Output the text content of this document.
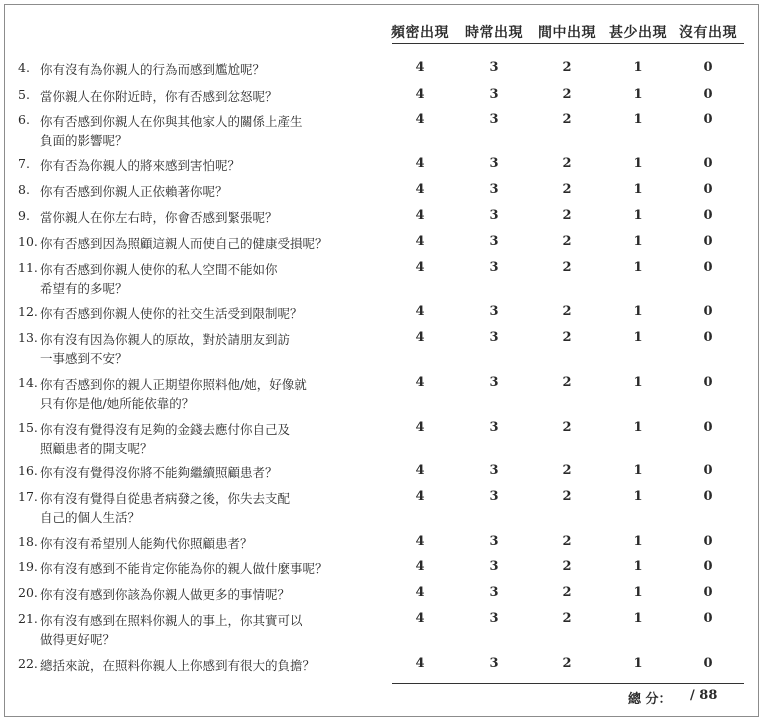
頻密出現 時常出現 間中出現 甚少出現 沒有出現
4. 你有沒有為你親人的行為而感到尷尬呢？	4	3	2	1	0
5. 當你親人在你附近時，你有否感到忿怒呢？	4	3	2	1	0
6. 你有否感到你親人在你與其他家人的關係上產生
負面的影響呢？
4	3	2	1	0
7. 你有否為你親人的將來感到害怕呢？	4	3	2	1	0
8. 你有否感到你親人正依賴著你呢？	4	3	2	1	0
9. 當你親人在你左右時，你會否感到緊張呢？	4	3	2	1	0
10. 你有否感到因為照顧這親人而使自己的健康受損呢？	4	3	2	1	0
11. 你有否感到你親人使你的私人空間不能如你
希望有的多呢？
4	3	2	1	0
12. 你有否感到你親人使你的社交生活受到限制呢？	4	3	2	1	0
13. 你有沒有因為你親人的原故，對於請朋友到訪
一事感到不安？
4	3	2	1	0
14. 你有否感到你的親人正期望你照料他/她，好像就
只有你是他/她所能依靠的？
4	3	2	1	0
15. 你有沒有覺得沒有足夠的金錢去應付你自己及
照顧患者的開支呢？
4	3	2	1	0
16. 你有沒有覺得沒你將不能夠繼續照顧患者？	4	3	2	1	0
17. 你有沒有覺得自從患者病發之後，你失去支配
自己的個人生活？
4	3	2	1	0
18. 你有沒有希望別人能夠代你照顧患者？	4	3	2	1	0
19. 你有沒有感到不能肯定你能為你的親人做什麼事呢？	4	3	2	1	0
20. 你有沒有感到你該為你親人做更多的事情呢？	4	3	2	1	0
21. 你有沒有感到在照料你親人的事上，你其實可以
做得更好呢？
4	3	2	1	0
22. 總括來說，在照料你親人上你感到有很大的負擔？	4	3	2	1	0
總 分： / 88
